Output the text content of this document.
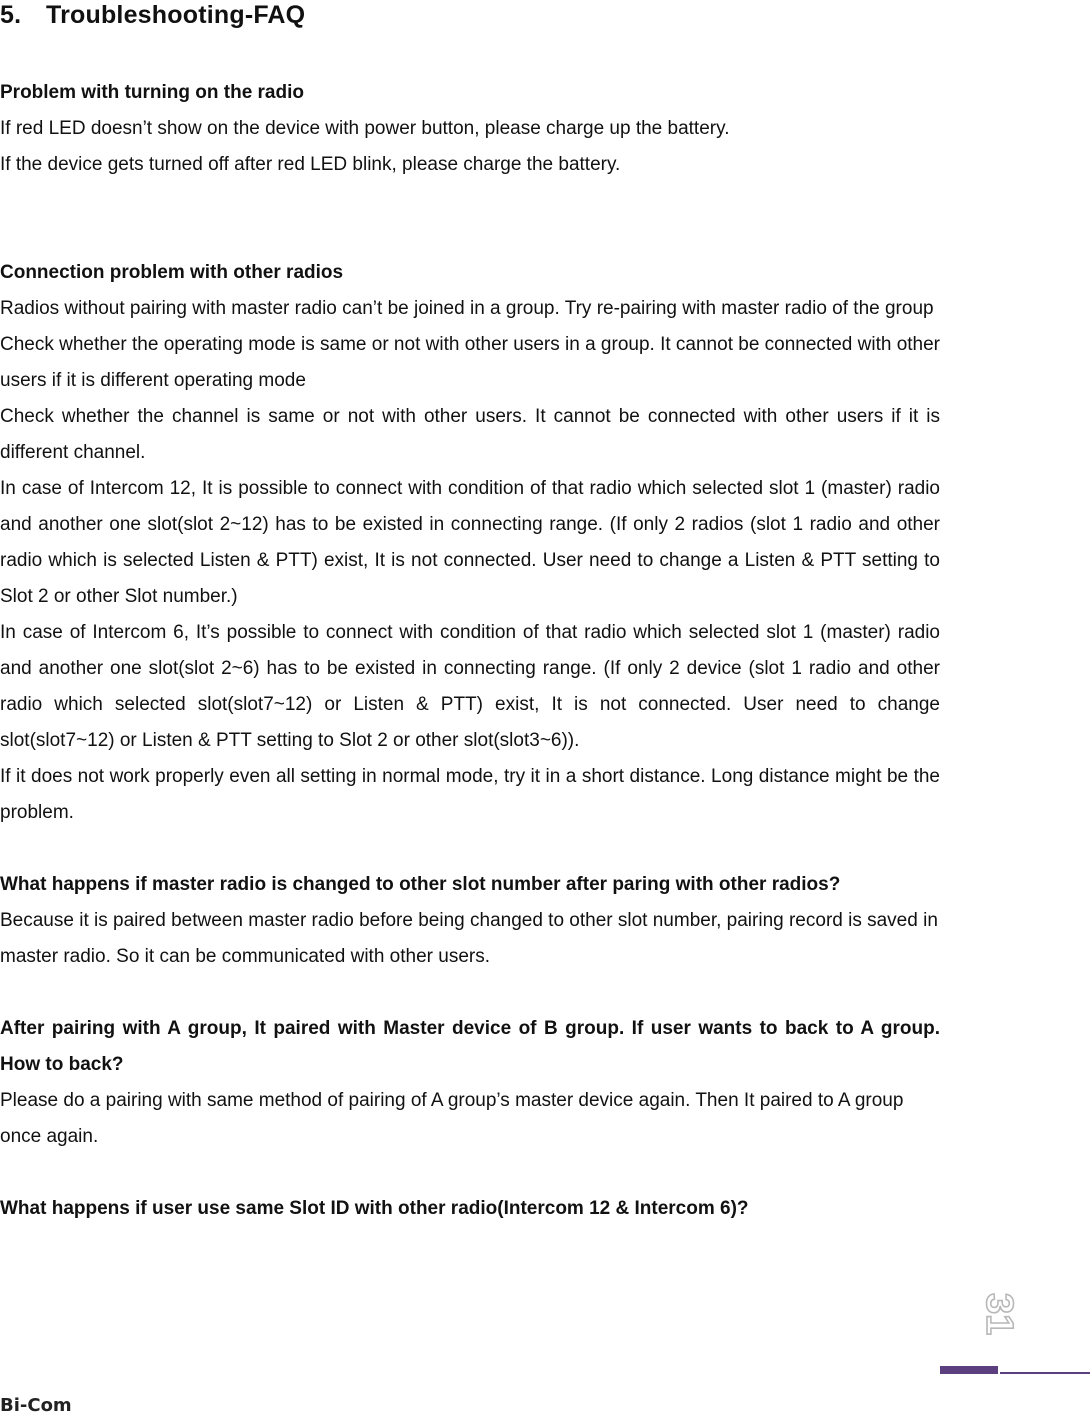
5. Troubleshooting-FAQ

Problem with turning on the radio

If red LED doesn’t show on the device with power button, please charge up the battery.

If the device gets turned off after red LED blink, please charge the battery.

Connection problem with other radios

Radios without pairing with master radio can’t be joined in a group. Try re-pairing with master radio of the group

Check whether the operating mode is same or not with other users in a group. It cannot be connected with other users if it is different operating mode

Check whether the channel is same or not with other users. It cannot be connected with other users if it is different channel.

In case of Intercom 12, It is possible to connect with condition of that radio which selected slot 1 (master) radio and another one slot(slot 2~12) has to be existed in connecting range. (If only 2 radios (slot 1 radio and other radio which is selected Listen & PTT) exist, It is not connected. User need to change a Listen & PTT setting to Slot 2 or other Slot number.)

In case of Intercom 6, It’s possible to connect with condition of that radio which selected slot 1 (master) radio and another one slot(slot 2~6) has to be existed in connecting range. (If only 2 device (slot 1 radio and other radio which selected slot(slot7~12) or Listen & PTT) exist, It is not connected. User need to change slot(slot7~12) or Listen & PTT setting to Slot 2 or other slot(slot3~6)).

If it does not work properly even all setting in normal mode, try it in a short distance. Long distance might be the problem.

What happens if master radio is changed to other slot number after paring with other radios?

Because it is paired between master radio before being changed to other slot number, pairing record is saved in master radio. So it can be communicated with other users.

After pairing with A group, It paired with Master device of B group. If user wants to back to A group. How to back?

Please do a pairing with same method of pairing of A group’s master device again. Then It paired to A group once again.

What happens if user use same Slot ID with other radio(Intercom 12 & Intercom 6)?

31
Bi-Com
